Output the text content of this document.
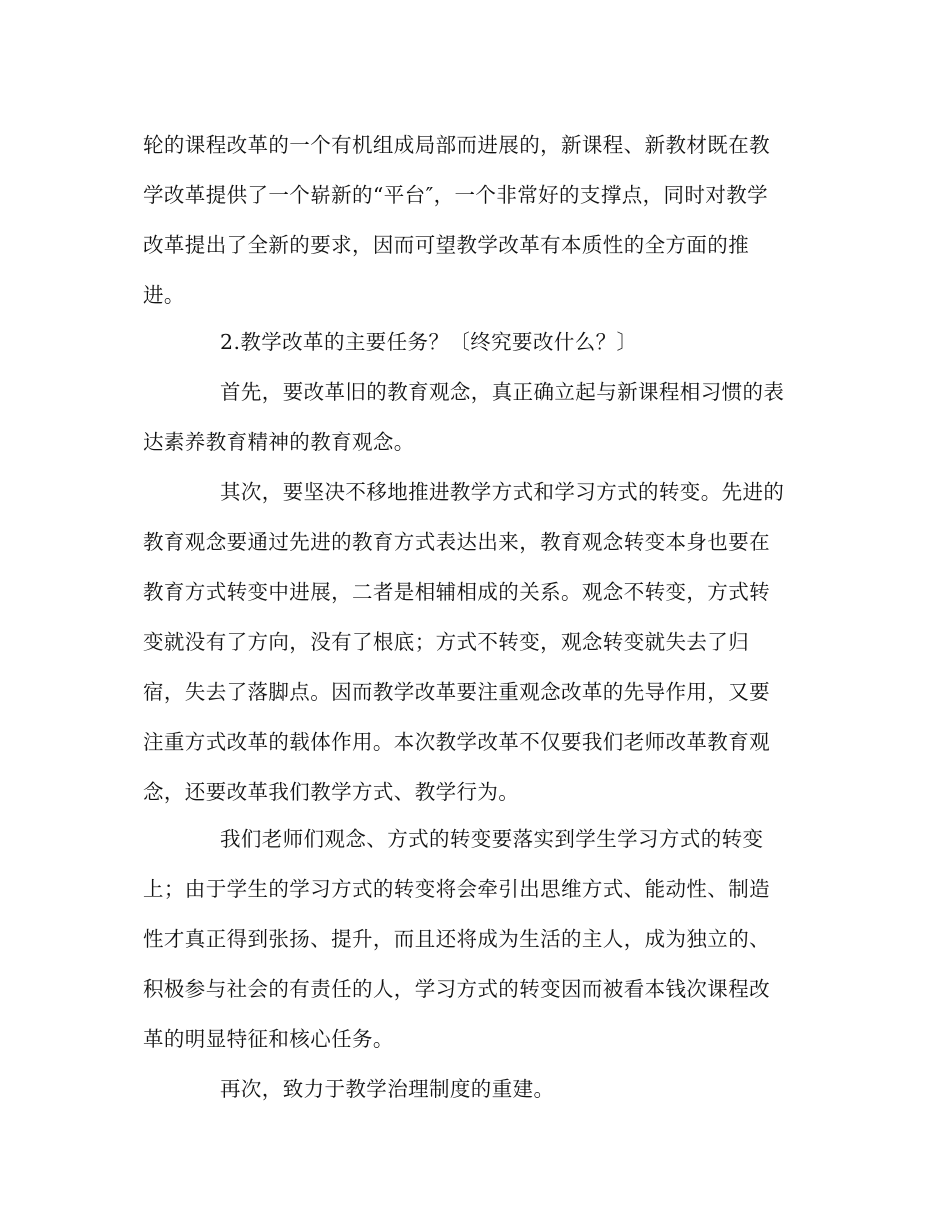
轮的课程改革的一个有机组成局部而进展的，新课程、新教材既在教
学改革提供了一个崭新的“平台″，一个非常好的支撑点，同时对教学
改革提出了全新的要求，因而可望教学改革有本质性的全方面的推
进。
2.教学改革的主要任务？〔终究要改什么？〕
首先，要改革旧的教育观念，真正确立起与新课程相习惯的表
达素养教育精神的教育观念。
其次，要坚决不移地推进教学方式和学习方式的转变。先进的
教育观念要通过先进的教育方式表达出来，教育观念转变本身也要在
教育方式转变中进展，二者是相辅相成的关系。观念不转变，方式转
变就没有了方向，没有了根底；方式不转变，观念转变就失去了归
宿，失去了落脚点。因而教学改革要注重观念改革的先导作用，又要
注重方式改革的载体作用。本次教学改革不仅要我们老师改革教育观
念，还要改革我们教学方式、教学行为。
我们老师们观念、方式的转变要落实到学生学习方式的转变
上；由于学生的学习方式的转变将会牵引出思维方式、能动性、制造
性才真正得到张扬、提升，而且还将成为生活的主人，成为独立的、
积极参与社会的有责任的人，学习方式的转变因而被看本钱次课程改
革的明显特征和核心任务。
再次，致力于教学治理制度的重建。
